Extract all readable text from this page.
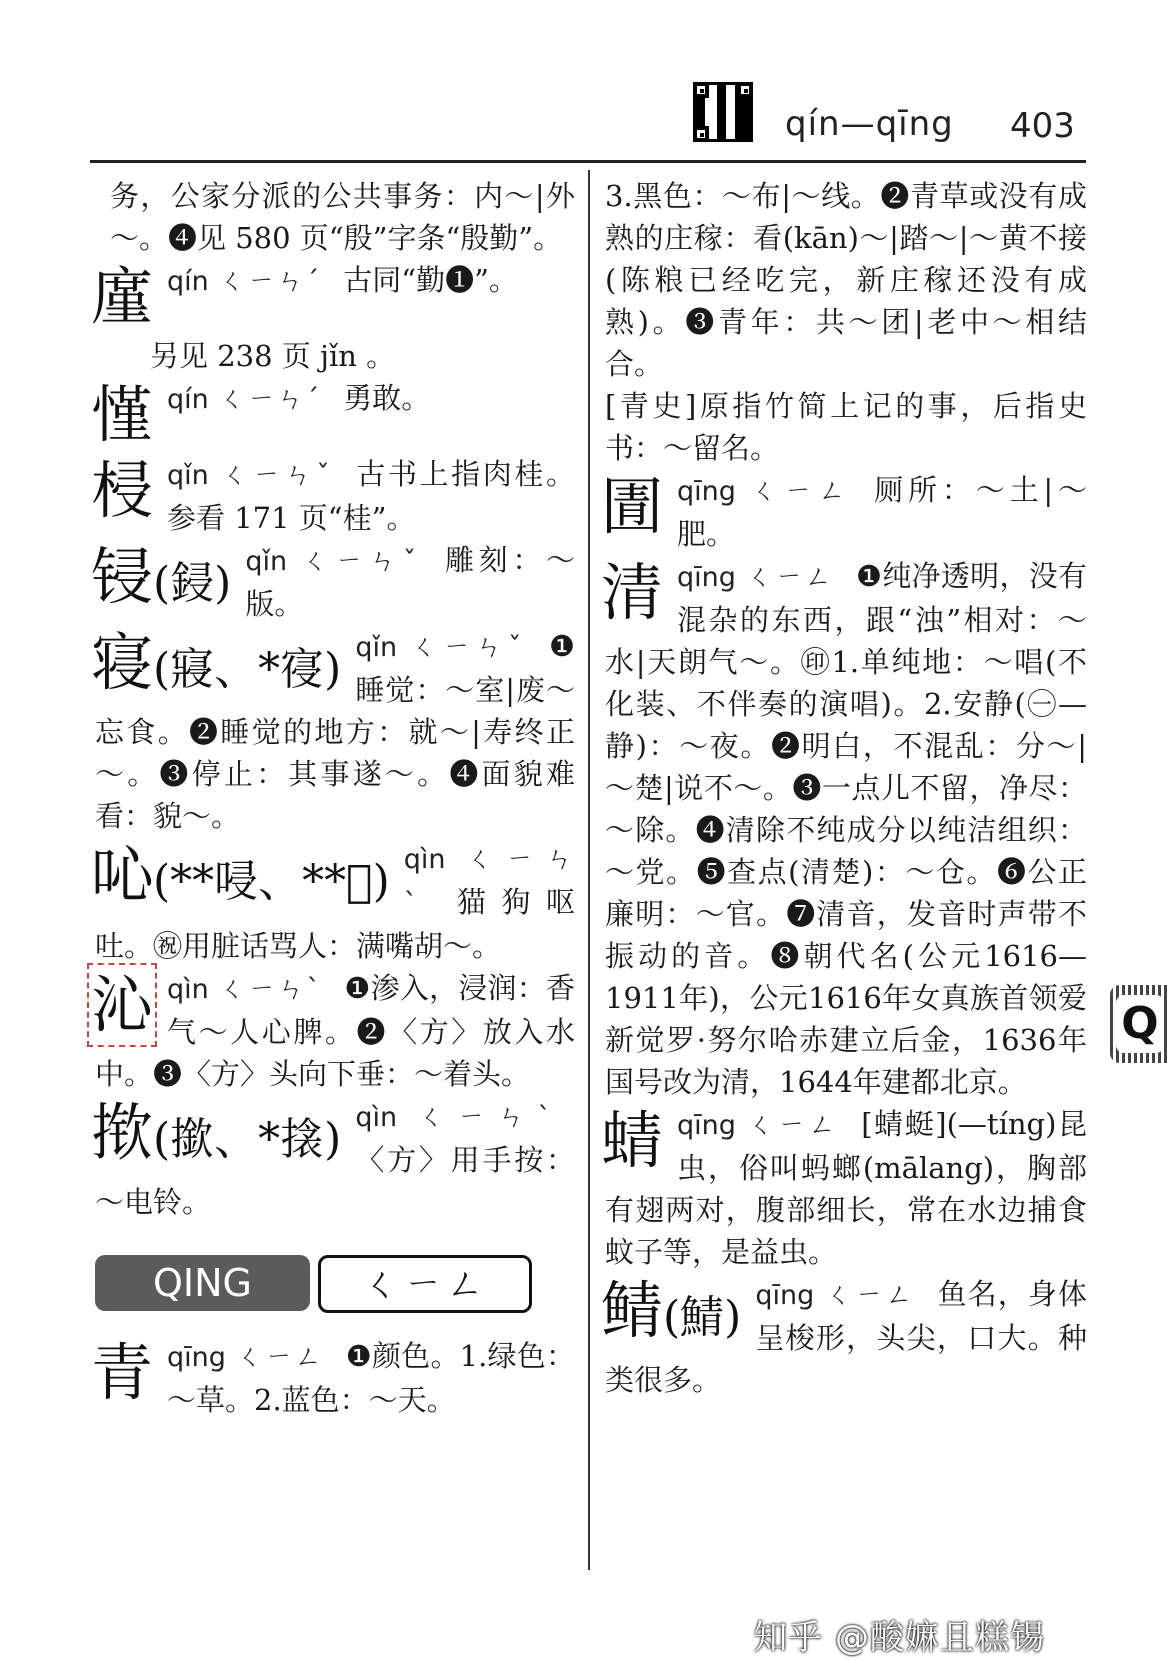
qín—qīng 403

务，公家分派的公共事务：内～|外～。❹见 580 页“殷”字条“殷勤”。

廑 qín ㄑㄧㄣˊ 古同“勤❶”。

另见 238 页 jǐn 。

慬 qín ㄑㄧㄣˊ 勇敢。

梫 qǐn ㄑㄧㄣˇ 古书上指肉桂。参看 171 页“桂”。

锓(鋟) qǐn ㄑㄧㄣˇ 雕刻：～版。

寝(寢、*寑) qǐn ㄑㄧㄣˇ ❶睡觉：～室|废～忘食。❷睡觉的地方：就～|寿终正～。❸停止：其事遂～。❹面貌难看：貌～。

吣(**唚、**𪡏) qìn ㄑㄧㄣˋ 猫狗呕吐。㊗用脏话骂人：满嘴胡～。

沁 qìn ㄑㄧㄣˋ ❶渗入，浸润：香气～人心脾。❷〈方〉放入水中。❸〈方〉头向下垂：～着头。

揿(撳、*搇) qìn ㄑㄧㄣˋ〈方〉用手按：～电铃。

QING	ㄑㄧㄥ
青 qīng ㄑㄧㄥ ❶颜色。1.绿色：～草。2.蓝色：～天。

3.黑色：～布|～线。❷青草或没有成熟的庄稼：看(kān)～|踏～|～黄不接(陈粮已经吃完，新庄稼还没有成熟)。❸青年：共～团|老中～相结合。

[青史]原指竹简上记的事，后指史书：～留名。

圊 qīng ㄑㄧㄥ 厕所：～土|～肥。

清 qīng ㄑㄧㄥ ❶纯净透明，没有混杂的东西，跟“浊”相对：～水|天朗气～。㊞1.单纯地：～唱(不化装、不伴奏的演唱)。2.安静(㊀—静)：～夜。❷明白，不混乱：分～|～楚|说不～。❸一点儿不留，净尽：～除。❹清除不纯成分以纯洁组织：～党。❺查点(清楚)：～仓。❻公正廉明：～官。❼清音，发音时声带不振动的音。❽朝代名(公元1616—1911年)，公元1616年女真族首领爱新觉罗·努尔哈赤建立后金，1636年国号改为清，1644年建都北京。

蜻 qīng ㄑㄧㄥ [蜻蜓](—tíng)昆虫，俗叫蚂螂(mālang)，胸部有翅两对，腹部细长，常在水边捕食蚊子等，是益虫。

鲭(鯖) qīng ㄑㄧㄥ 鱼名，身体呈梭形，头尖，口大。种类很多。

Q
知乎 @酸嫲且糕锡
